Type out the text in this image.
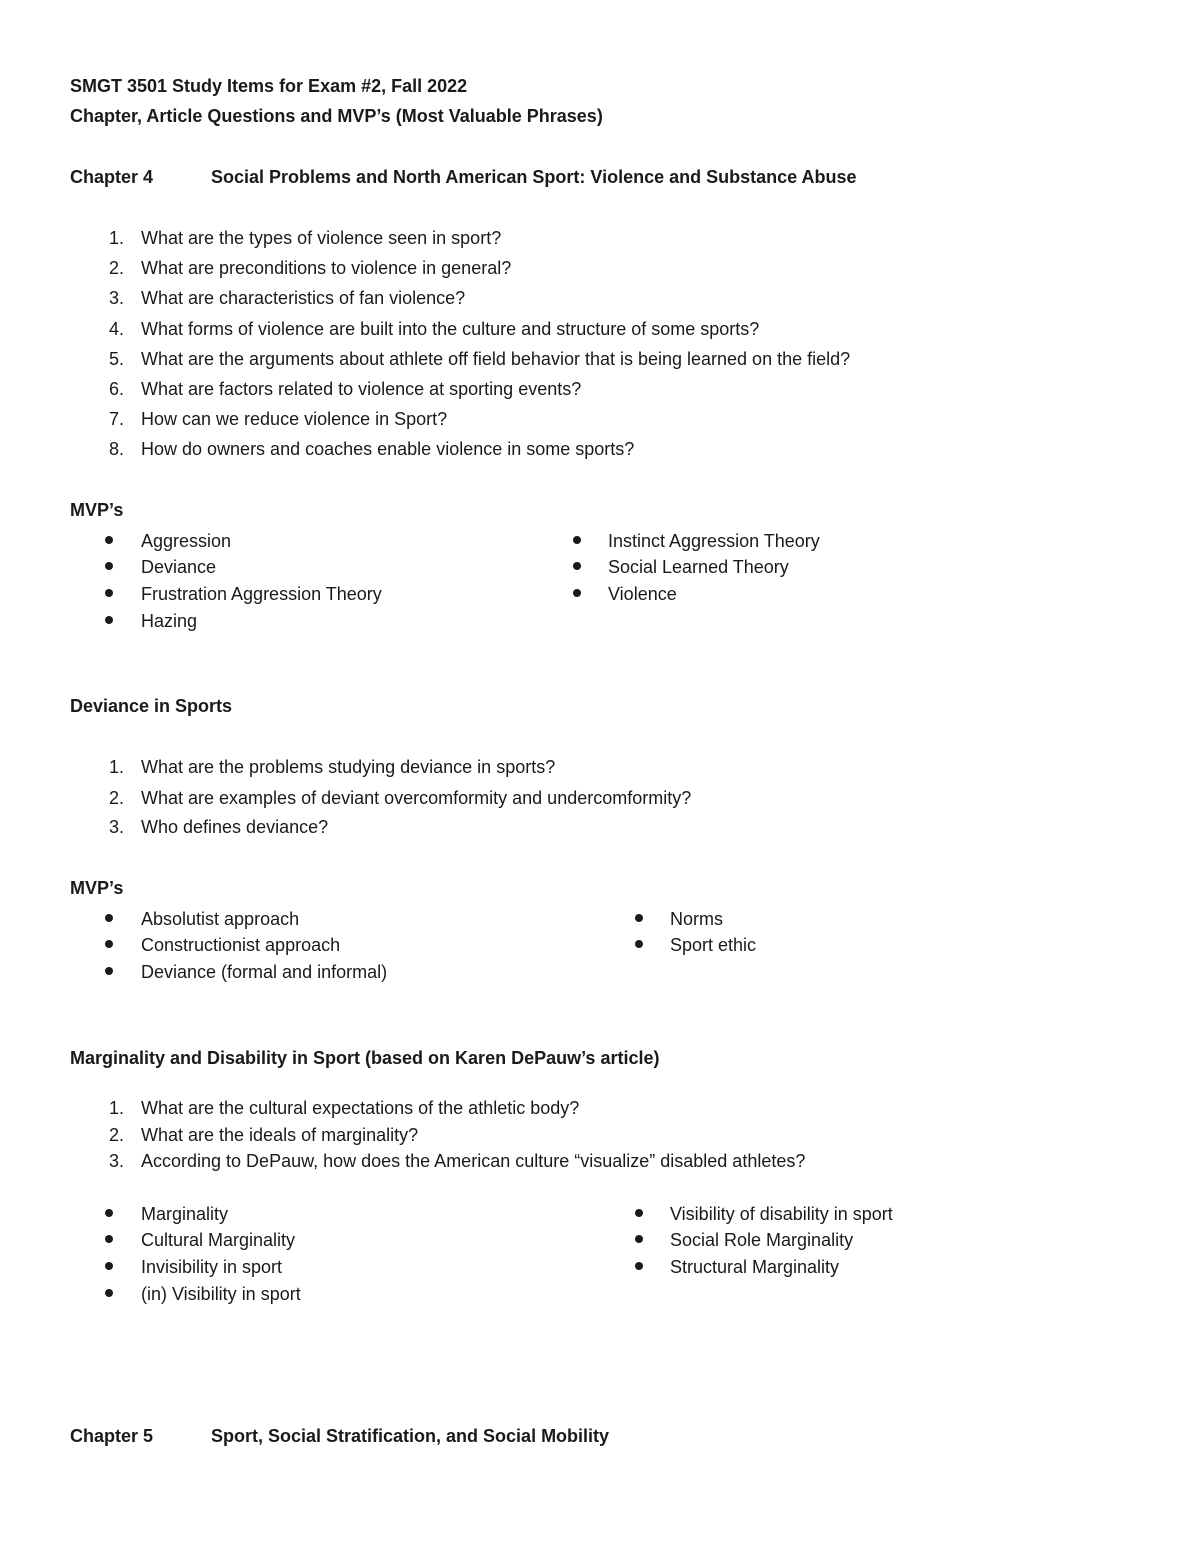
SMGT 3501 Study Items for Exam #2, Fall 2022
Chapter, Article Questions and MVP’s (Most Valuable Phrases)
Chapter 4	Social Problems and North American Sport: Violence and Substance Abuse
1. What are the types of violence seen in sport?
2. What are preconditions to violence in general?
3. What are characteristics of fan violence?
4. What forms of violence are built into the culture and structure of some sports?
5. What are the arguments about athlete off field behavior that is being learned on the field?
6. What are factors related to violence at sporting events?
7. How can we reduce violence in Sport?
8. How do owners and coaches enable violence in some sports?
MVP’s
Aggression
Deviance
Frustration Aggression Theory
Hazing
Instinct Aggression Theory
Social Learned Theory
Violence
Deviance in Sports
1. What are the problems studying deviance in sports?
2. What are examples of deviant overcomformity and undercomformity?
3. Who defines deviance?
MVP’s
Absolutist approach
Constructionist approach
Deviance (formal and informal)
Norms
Sport ethic
Marginality and Disability in Sport (based on Karen DePauw’s article)
1. What are the cultural expectations of the athletic body?
2. What are the ideals of marginality?
3. According to DePauw, how does the American culture “visualize” disabled athletes?
Marginality
Cultural Marginality
Invisibility in sport
(in) Visibility in sport
Visibility of disability in sport
Social Role Marginality
Structural Marginality
Chapter 5	Sport, Social Stratification, and Social Mobility
